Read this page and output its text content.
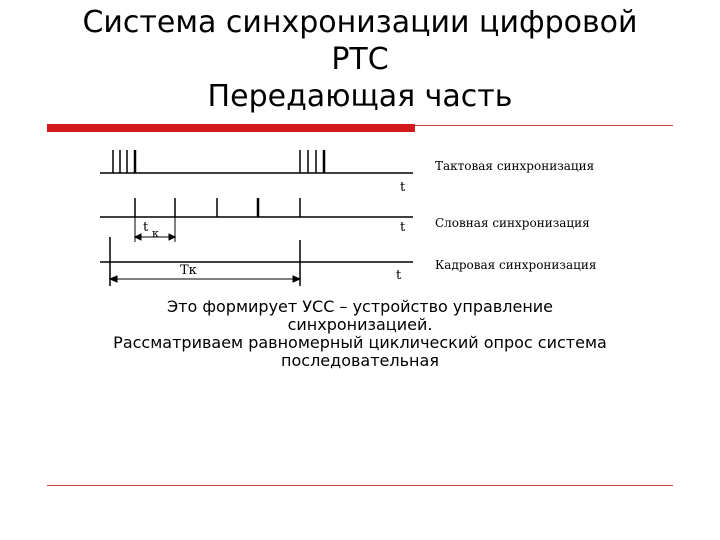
Система синхронизации цифровой
РТС
Передающая часть
t
Тактовая синхронизация
t Словная синхронизация
t к
Тк	t
Кадровая синхронизация
Это формирует УСС – устройство управление
синхронизацией.
Рассматриваем равномерный циклический опрос система
последовательная
